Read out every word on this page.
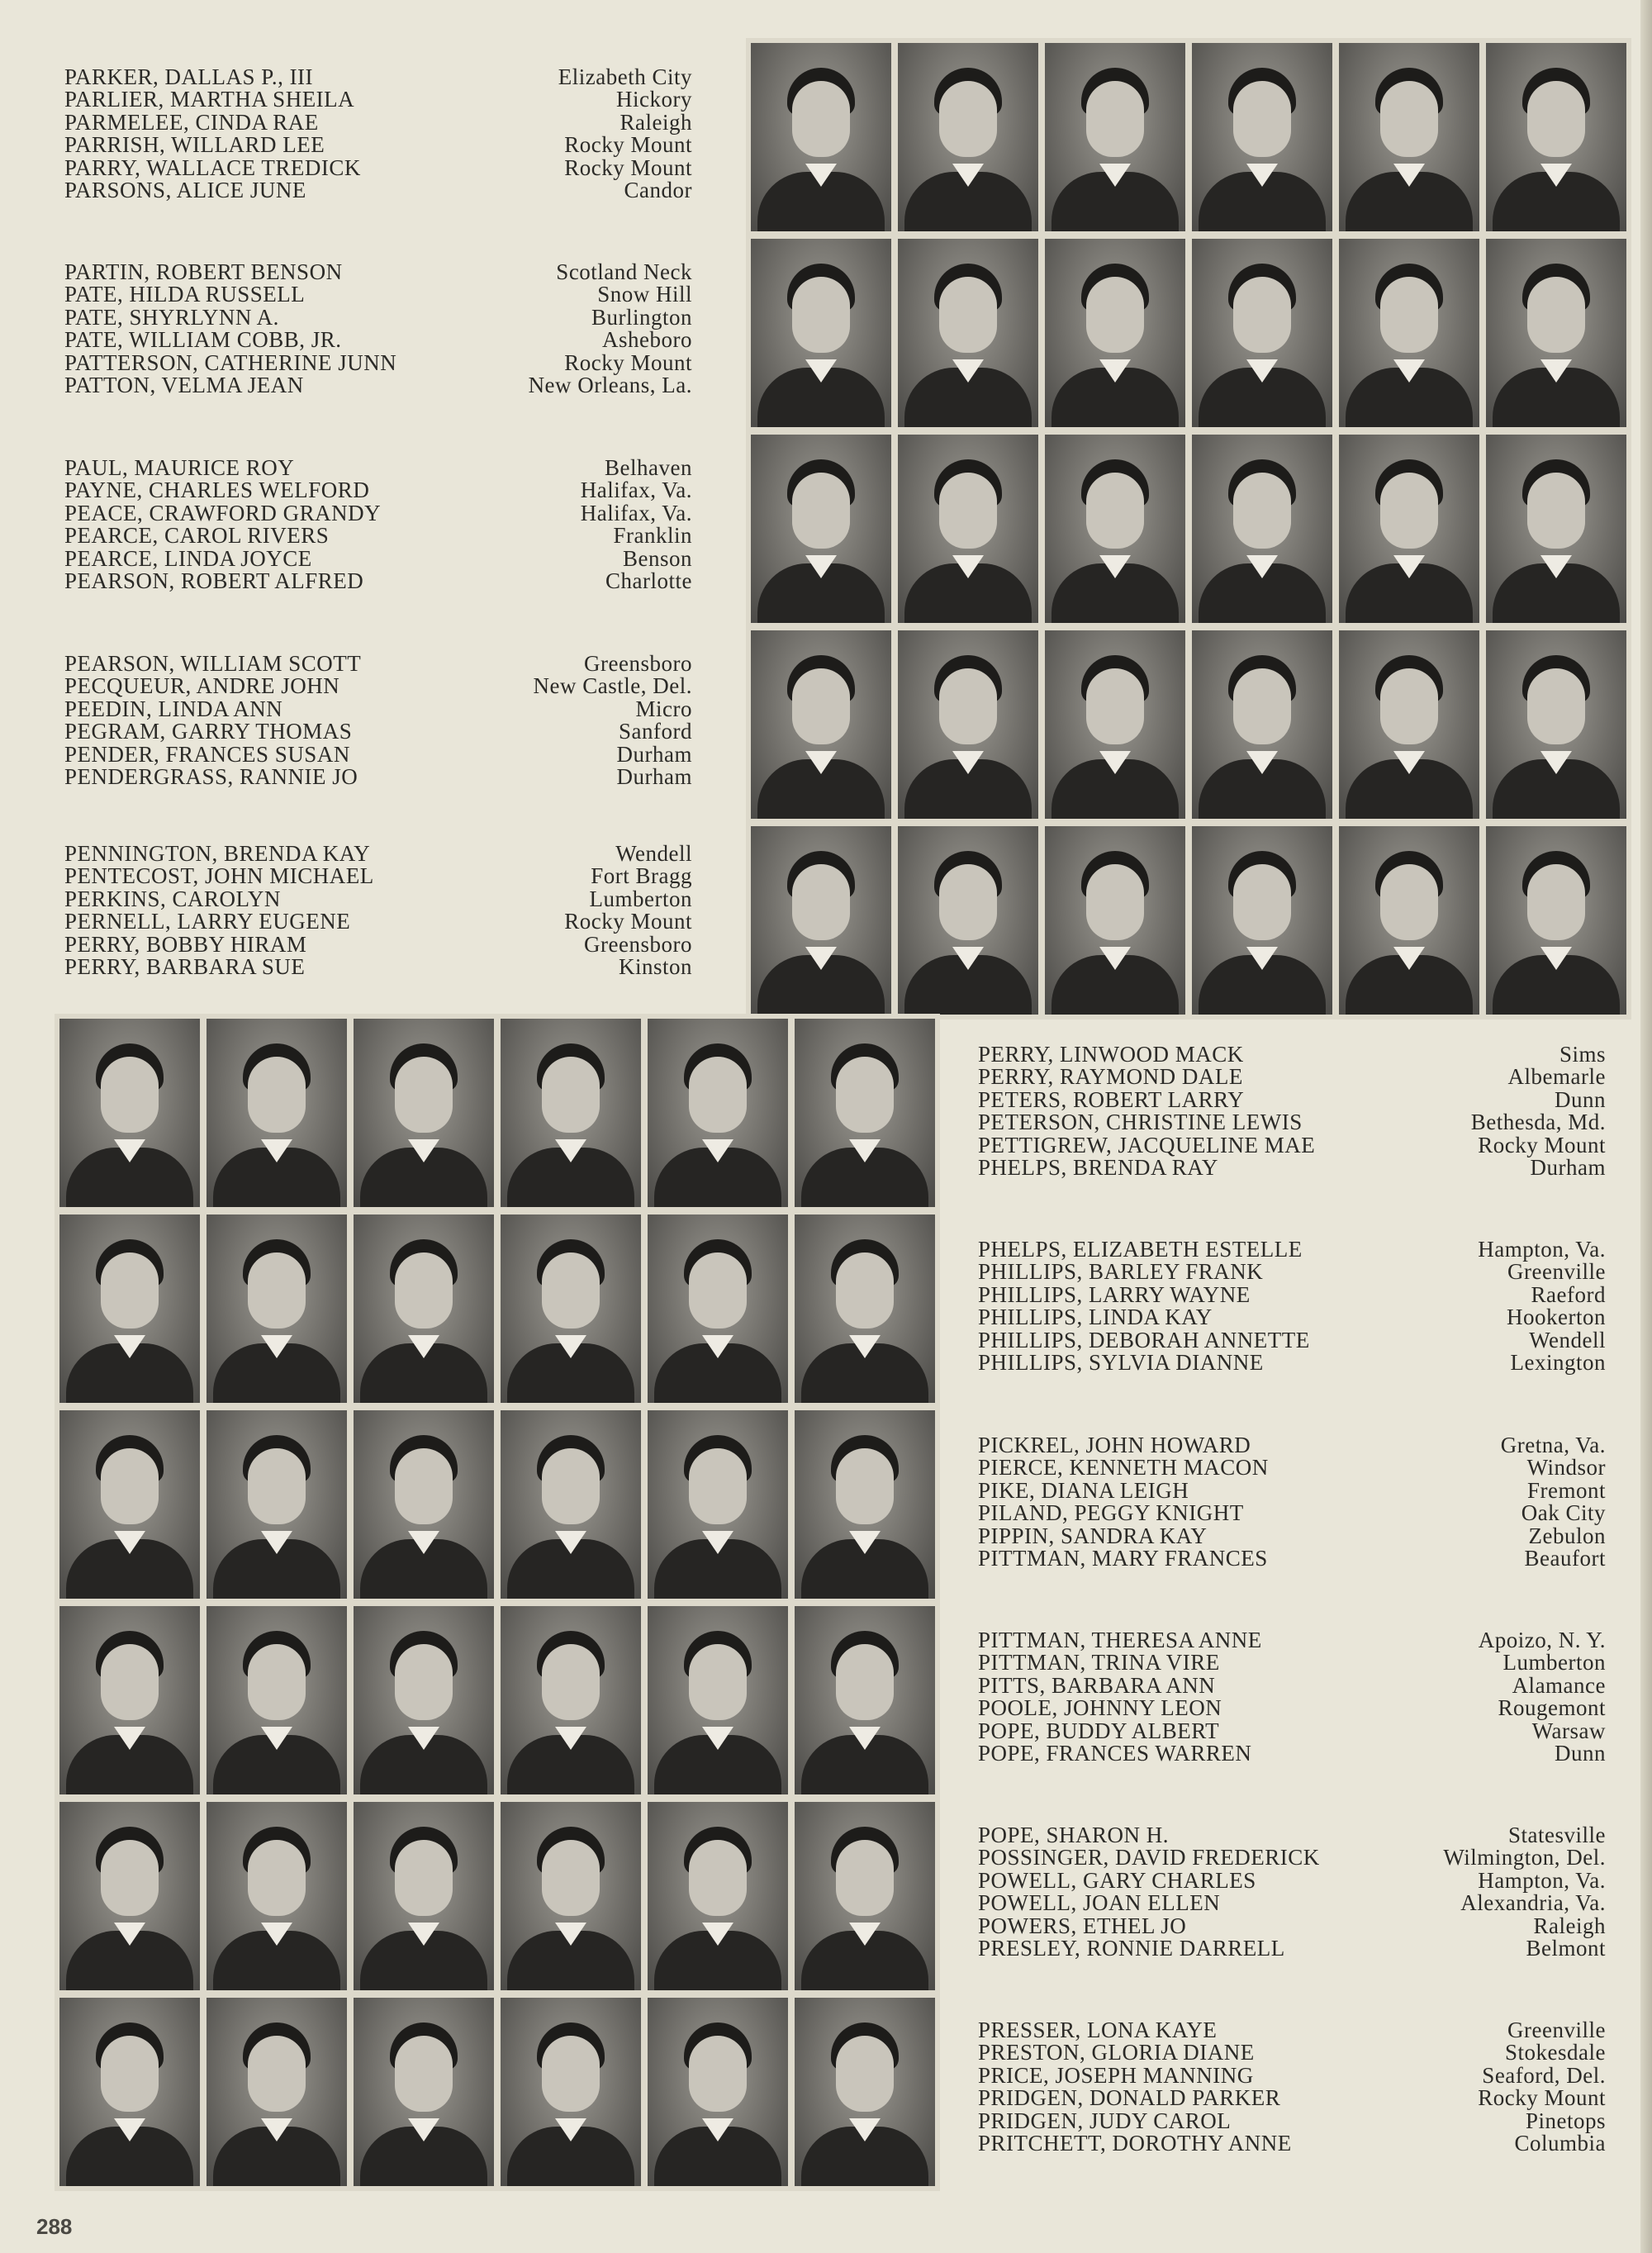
PARKER, DALLAS P., III	Elizabeth City
PARLIER, MARTHA SHEILA	Hickory
PARMELEE, CINDA RAE	Raleigh
PARRISH, WILLARD LEE	Rocky Mount
PARRY, WALLACE TREDICK	Rocky Mount
PARSONS, ALICE JUNE	Candor
PARTIN, ROBERT BENSON	Scotland Neck
PATE, HILDA RUSSELL	Snow Hill
PATE, SHYRLYNN A.	Burlington
PATE, WILLIAM COBB, JR.	Asheboro
PATTERSON, CATHERINE JUNN	Rocky Mount
PATTON, VELMA JEAN	New Orleans, La.
PAUL, MAURICE ROY	Belhaven
PAYNE, CHARLES WELFORD	Halifax, Va.
PEACE, CRAWFORD GRANDY	Halifax, Va.
PEARCE, CAROL RIVERS	Franklin
PEARCE, LINDA JOYCE	Benson
PEARSON, ROBERT ALFRED	Charlotte
PEARSON, WILLIAM SCOTT	Greensboro
PECQUEUR, ANDRE JOHN	New Castle, Del.
PEEDIN, LINDA ANN	Micro
PEGRAM, GARRY THOMAS	Sanford
PENDER, FRANCES SUSAN	Durham
PENDERGRASS, RANNIE JO	Durham
PENNINGTON, BRENDA KAY	Wendell
PENTECOST, JOHN MICHAEL	Fort Bragg
PERKINS, CAROLYN	Lumberton
PERNELL, LARRY EUGENE	Rocky Mount
PERRY, BOBBY HIRAM	Greensboro
PERRY, BARBARA SUE	Kinston
PERRY, LINWOOD MACK	Sims
PERRY, RAYMOND DALE	Albemarle
PETERS, ROBERT LARRY	Dunn
PETERSON, CHRISTINE LEWIS	Bethesda, Md.
PETTIGREW, JACQUELINE MAE	Rocky Mount
PHELPS, BRENDA RAY	Durham
PHELPS, ELIZABETH ESTELLE	Hampton, Va.
PHILLIPS, BARLEY FRANK	Greenville
PHILLIPS, LARRY WAYNE	Raeford
PHILLIPS, LINDA KAY	Hookerton
PHILLIPS, DEBORAH ANNETTE	Wendell
PHILLIPS, SYLVIA DIANNE	Lexington
PICKREL, JOHN HOWARD	Gretna, Va.
PIERCE, KENNETH MACON	Windsor
PIKE, DIANA LEIGH	Fremont
PILAND, PEGGY KNIGHT	Oak City
PIPPIN, SANDRA KAY	Zebulon
PITTMAN, MARY FRANCES	Beaufort
PITTMAN, THERESA ANNE	Apoizo, N. Y.
PITTMAN, TRINA VIRE	Lumberton
PITTS, BARBARA ANN	Alamance
POOLE, JOHNNY LEON	Rougemont
POPE, BUDDY ALBERT	Warsaw
POPE, FRANCES WARREN	Dunn
POPE, SHARON H.	Statesville
POSSINGER, DAVID FREDERICK	Wilmington, Del.
POWELL, GARY CHARLES	Hampton, Va.
POWELL, JOAN ELLEN	Alexandria, Va.
POWERS, ETHEL JO	Raleigh
PRESLEY, RONNIE DARRELL	Belmont
PRESSER, LONA KAYE	Greenville
PRESTON, GLORIA DIANE	Stokesdale
PRICE, JOSEPH MANNING	Seaford, Del.
PRIDGEN, DONALD PARKER	Rocky Mount
PRIDGEN, JUDY CAROL	Pinetops
PRITCHETT, DOROTHY ANNE	Columbia
288
